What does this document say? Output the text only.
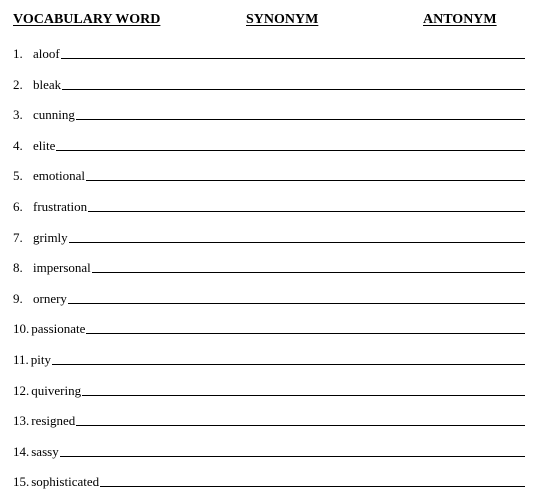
VOCABULARY WORD	SYNONYM	ANTONYM
1. aloof
2. bleak
3. cunning
4. elite
5. emotional
6. frustration
7. grimly
8. impersonal
9. ornery
10. passionate
11. pity
12. quivering
13. resigned
14. sassy
15. sophisticated
